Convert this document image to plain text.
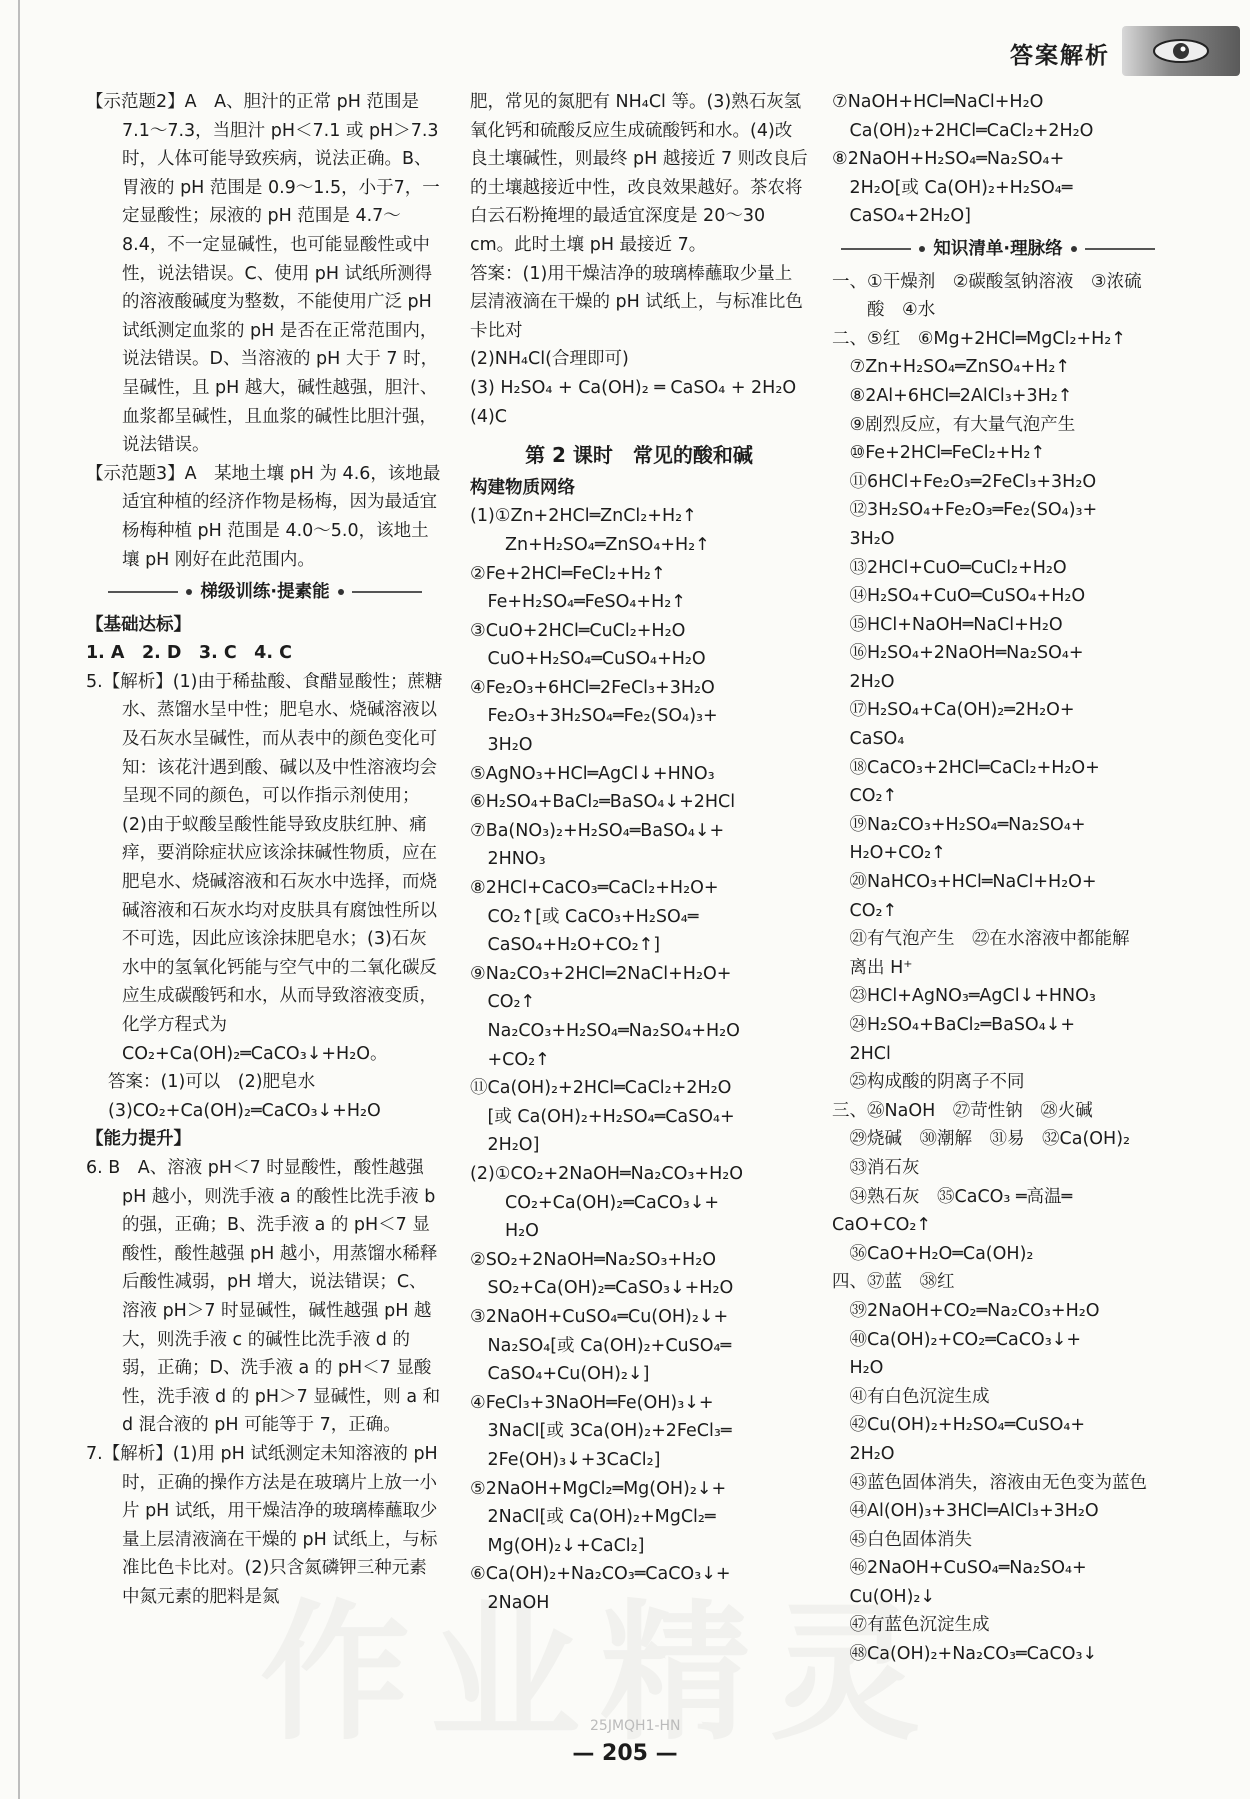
答案解析

【示范题2】A　A、胆汁的正常 pH 范围是 7.1～7.3，当胆汁 pH＜7.1 或 pH＞7.3 时，人体可能导致疾病，说法正确。B、胃液的 pH 范围是 0.9～1.5，小于7，一定显酸性；尿液的 pH 范围是 4.7～8.4，不一定显碱性，也可能显酸性或中性，说法错误。C、使用 pH 试纸所测得的溶液酸碱度为整数，不能使用广泛 pH 试纸测定血浆的 pH 是否在正常范围内，说法错误。D、当溶液的 pH 大于 7 时，呈碱性，且 pH 越大，碱性越强，胆汁、血浆都呈碱性，且血浆的碱性比胆汁强，说法错误。

【示范题3】A　某地土壤 pH 为 4.6，该地最适宜种植的经济作物是杨梅，因为最适宜杨梅种植 pH 范围是 4.0～5.0，该地土壤 pH 刚好在此范围内。

梯级训练·提素能

【基础达标】

1. A　2. D　3. C　4. C

5.【解析】(1)由于稀盐酸、食醋显酸性；蔗糖水、蒸馏水呈中性；肥皂水、烧碱溶液以及石灰水呈碱性，而从表中的颜色变化可知：该花汁遇到酸、碱以及中性溶液均会呈现不同的颜色，可以作指示剂使用；(2)由于蚁酸呈酸性能导致皮肤红肿、痛痒，要消除症状应该涂抹碱性物质，应在肥皂水、烧碱溶液和石灰水中选择，而烧碱溶液和石灰水均对皮肤具有腐蚀性所以不可选，因此应该涂抹肥皂水；(3)石灰水中的氢氧化钙能与空气中的二氧化碳反应生成碳酸钙和水，从而导致溶液变质，化学方程式为 CO₂+Ca(OH)₂═CaCO₃↓+H₂O。

答案：(1)可以　(2)肥皂水

(3)CO₂+Ca(OH)₂═CaCO₃↓+H₂O

【能力提升】

6. B　A、溶液 pH＜7 时显酸性，酸性越强 pH 越小，则洗手液 a 的酸性比洗手液 b 的强，正确；B、洗手液 a 的 pH＜7 显酸性，酸性越强 pH 越小，用蒸馏水稀释后酸性减弱，pH 增大，说法错误；C、溶液 pH＞7 时显碱性，碱性越强 pH 越大，则洗手液 c 的碱性比洗手液 d 的弱，正确；D、洗手液 a 的 pH＜7 显酸性，洗手液 d 的 pH＞7 显碱性，则 a 和 d 混合液的 pH 可能等于 7，正确。

7.【解析】(1)用 pH 试纸测定未知溶液的 pH 时，正确的操作方法是在玻璃片上放一小片 pH 试纸，用干燥洁净的玻璃棒蘸取少量上层清液滴在干燥的 pH 试纸上，与标准比色卡比对。(2)只含氮磷钾三种元素中氮元素的肥料是氮

肥，常见的氮肥有 NH₄Cl 等。(3)熟石灰氢氧化钙和硫酸反应生成硫酸钙和水。(4)改良土壤碱性，则最终 pH 越接近 7 则改良后的土壤越接近中性，改良效果越好。茶农将白云石粉掩埋的最适宜深度是 20～30 cm。此时土壤 pH 最接近 7。

答案：(1)用干燥洁净的玻璃棒蘸取少量上层清液滴在干燥的 pH 试纸上，与标准比色卡比对

(2)NH₄Cl(合理即可)

(3) H₂SO₄ + Ca(OH)₂ ═ CaSO₄ + 2H₂O　(4)C

第 2 课时　常见的酸和碱

构建物质网络

(1)①Zn+2HCl═ZnCl₂+H₂↑

　　Zn+H₂SO₄═ZnSO₄+H₂↑

②Fe+2HCl═FeCl₂+H₂↑

　Fe+H₂SO₄═FeSO₄+H₂↑

③CuO+2HCl═CuCl₂+H₂O

　CuO+H₂SO₄═CuSO₄+H₂O

④Fe₂O₃+6HCl═2FeCl₃+3H₂O

　Fe₂O₃+3H₂SO₄═Fe₂(SO₄)₃+

　3H₂O

⑤AgNO₃+HCl═AgCl↓+HNO₃

⑥H₂SO₄+BaCl₂═BaSO₄↓+2HCl

⑦Ba(NO₃)₂+H₂SO₄═BaSO₄↓+

　2HNO₃

⑧2HCl+CaCO₃═CaCl₂+H₂O+

　CO₂↑[或 CaCO₃+H₂SO₄═

　CaSO₄+H₂O+CO₂↑]

⑨Na₂CO₃+2HCl═2NaCl+H₂O+

　CO₂↑

　Na₂CO₃+H₂SO₄═Na₂SO₄+H₂O

　+CO₂↑

⑪Ca(OH)₂+2HCl═CaCl₂+2H₂O

　[或 Ca(OH)₂+H₂SO₄═CaSO₄+

　2H₂O]

(2)①CO₂+2NaOH═Na₂CO₃+H₂O

　　CO₂+Ca(OH)₂═CaCO₃↓+

　　H₂O

②SO₂+2NaOH═Na₂SO₃+H₂O

　SO₂+Ca(OH)₂═CaSO₃↓+H₂O

③2NaOH+CuSO₄═Cu(OH)₂↓+

　Na₂SO₄[或 Ca(OH)₂+CuSO₄═

　CaSO₄+Cu(OH)₂↓]

④FeCl₃+3NaOH═Fe(OH)₃↓+

　3NaCl[或 3Ca(OH)₂+2FeCl₃═

　2Fe(OH)₃↓+3CaCl₂]

⑤2NaOH+MgCl₂═Mg(OH)₂↓+

　2NaCl[或 Ca(OH)₂+MgCl₂═

　Mg(OH)₂↓+CaCl₂]

⑥Ca(OH)₂+Na₂CO₃═CaCO₃↓+

　2NaOH

⑦NaOH+HCl═NaCl+H₂O

　Ca(OH)₂+2HCl═CaCl₂+2H₂O

⑧2NaOH+H₂SO₄═Na₂SO₄+

　2H₂O[或 Ca(OH)₂+H₂SO₄═

　CaSO₄+2H₂O]

知识清单·理脉络

一、①干燥剂　②碳酸氢钠溶液　③浓硫

　　酸　④水

二、⑤红　⑥Mg+2HCl═MgCl₂+H₂↑

　⑦Zn+H₂SO₄═ZnSO₄+H₂↑

　⑧2Al+6HCl═2AlCl₃+3H₂↑

　⑨剧烈反应，有大量气泡产生

　⑩Fe+2HCl═FeCl₂+H₂↑

　⑪6HCl+Fe₂O₃═2FeCl₃+3H₂O

　⑫3H₂SO₄+Fe₂O₃═Fe₂(SO₄)₃+

　3H₂O

　⑬2HCl+CuO═CuCl₂+H₂O

　⑭H₂SO₄+CuO═CuSO₄+H₂O

　⑮HCl+NaOH═NaCl+H₂O

　⑯H₂SO₄+2NaOH═Na₂SO₄+

　2H₂O

　⑰H₂SO₄+Ca(OH)₂═2H₂O+

　CaSO₄

　⑱CaCO₃+2HCl═CaCl₂+H₂O+

　CO₂↑

　⑲Na₂CO₃+H₂SO₄═Na₂SO₄+

　H₂O+CO₂↑

　⑳NaHCO₃+HCl═NaCl+H₂O+

　CO₂↑

　㉑有气泡产生　㉒在水溶液中都能解

　离出 H⁺

　㉓HCl+AgNO₃═AgCl↓+HNO₃

　㉔H₂SO₄+BaCl₂═BaSO₄↓+

　2HCl

　㉕构成酸的阴离子不同

三、㉖NaOH　㉗苛性钠　㉘火碱

　㉙烧碱　㉚潮解　㉛易　㉜Ca(OH)₂

　㉝消石灰

　㉞熟石灰　㉟CaCO₃ ═高温═ CaO+CO₂↑

　㊱CaO+H₂O═Ca(OH)₂

四、㊲蓝　㊳红

　㊴2NaOH+CO₂═Na₂CO₃+H₂O

　㊵Ca(OH)₂+CO₂═CaCO₃↓+

　H₂O

　㊶有白色沉淀生成

　㊷Cu(OH)₂+H₂SO₄═CuSO₄+

　2H₂O

　㊸蓝色固体消失，溶液由无色变为蓝色

　㊹Al(OH)₃+3HCl═AlCl₃+3H₂O

　㊺白色固体消失

　㊻2NaOH+CuSO₄═Na₂SO₄+

　Cu(OH)₂↓

　㊼有蓝色沉淀生成

　㊽Ca(OH)₂+Na₂CO₃═CaCO₃↓

— 205 —
25JMQH1-HN
